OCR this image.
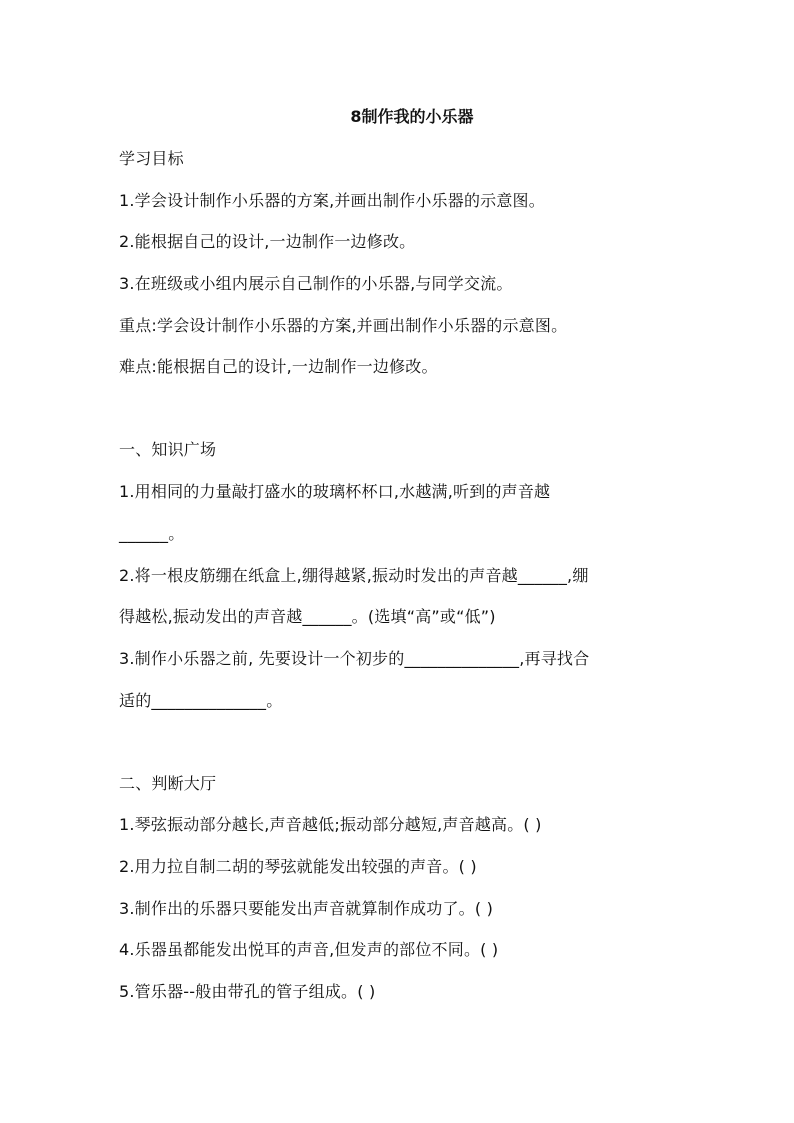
8制作我的小乐器
学习目标
1.学会设计制作小乐器的方案,并画出制作小乐器的示意图。
2.能根据自己的设计,一边制作一边修改。
3.在班级或小组内展示自己制作的小乐器,与同学交流。
重点:学会设计制作小乐器的方案,并画出制作小乐器的示意图。
难点:能根据自己的设计,一边制作一边修改。
一、知识广场
1.用相同的力量敲打盛水的玻璃杯杯口,水越满,听到的声音越
______。
2.将一根皮筋绷在纸盒上,绷得越紧,振动时发出的声音越______,绷
得越松,振动发出的声音越______。(选填“高”或“低”)
3.制作小乐器之前, 先要设计一个初步的______________,再寻找合
适的______________。
二、判断大厅
1.琴弦振动部分越长,声音越低;振动部分越短,声音越高。( )
2.用力拉自制二胡的琴弦就能发出较强的声音。( )
3.制作出的乐器只要能发出声音就算制作成功了。( )
4.乐器虽都能发出悦耳的声音,但发声的部位不同。( )
5.管乐器--般由带孔的管子组成。( )
